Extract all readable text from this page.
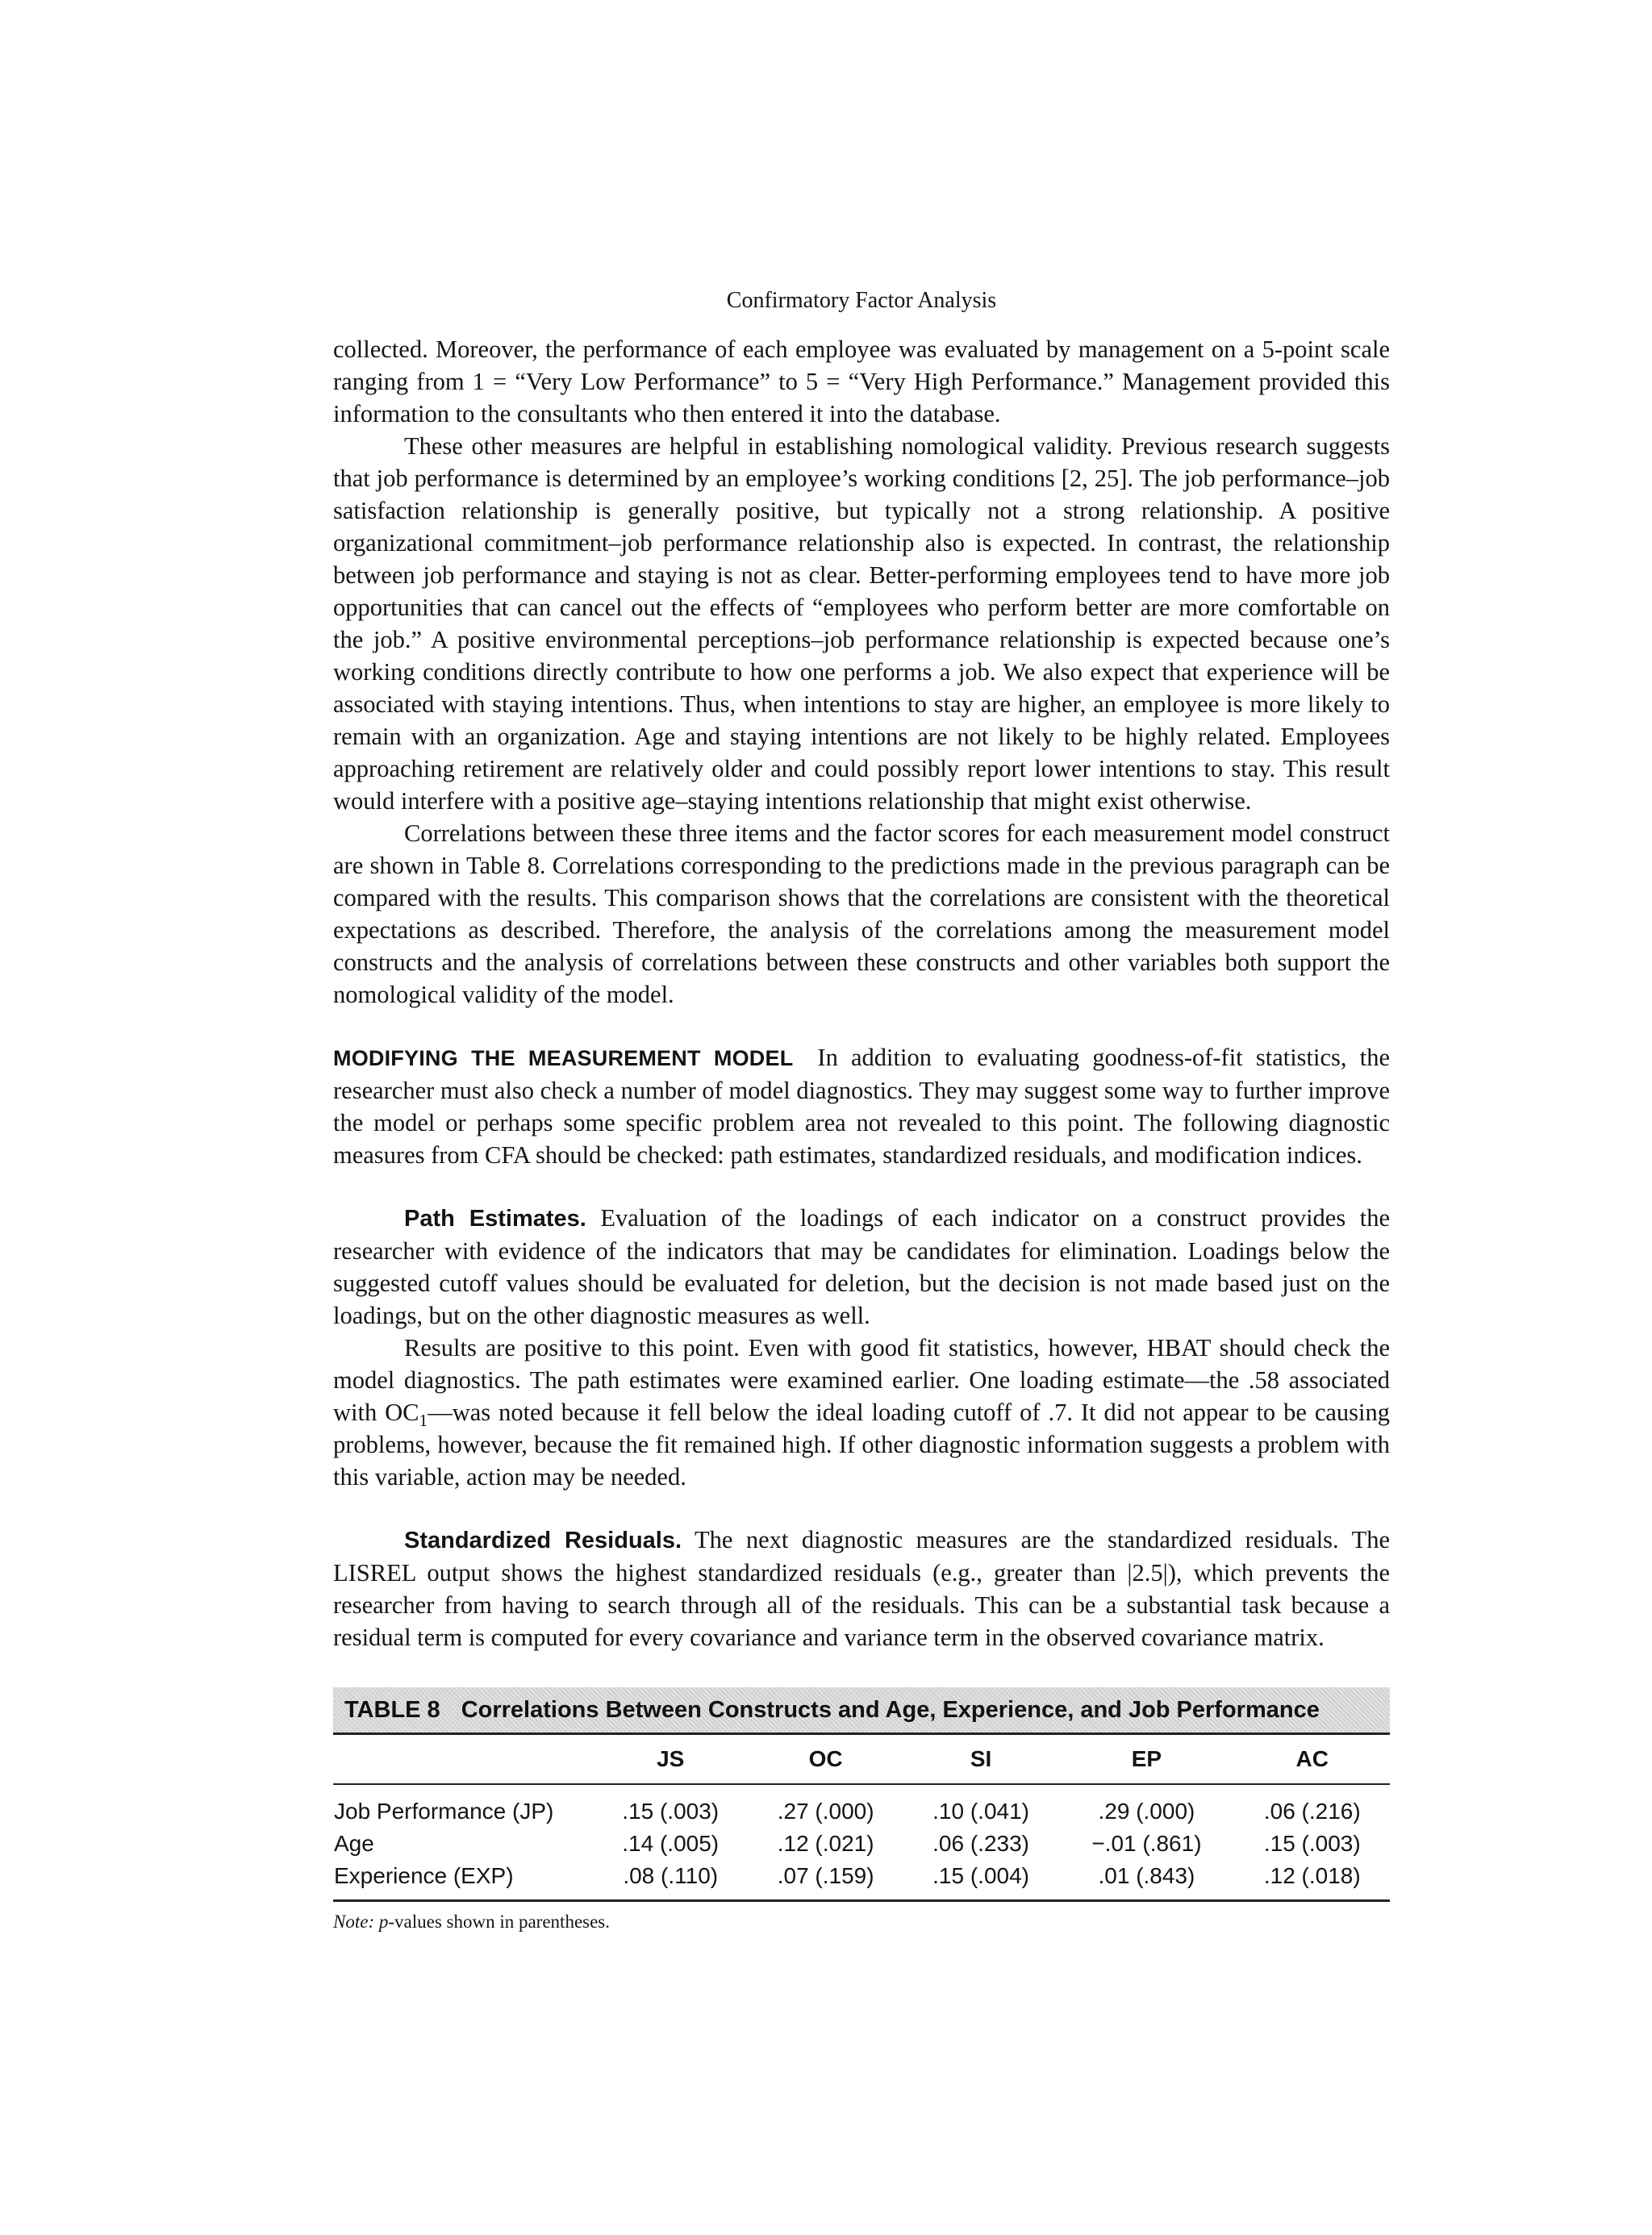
Confirmatory Factor Analysis

collected. Moreover, the performance of each employee was evaluated by management on a 5-point scale ranging from 1 = “Very Low Performance” to 5 = “Very High Performance.” Management provided this information to the consultants who then entered it into the database.

These other measures are helpful in establishing nomological validity. Previous research suggests that job performance is determined by an employee’s working conditions [2, 25]. The job performance–job satisfaction relationship is generally positive, but typically not a strong relationship. A positive organizational commitment–job performance relationship also is expected. In contrast, the relationship between job performance and staying is not as clear. Better-performing employees tend to have more job opportunities that can cancel out the effects of “employees who perform better are more comfortable on the job.” A positive environmental perceptions–job performance relationship is expected because one’s working conditions directly contribute to how one performs a job. We also expect that experience will be associated with staying intentions. Thus, when intentions to stay are higher, an employee is more likely to remain with an organization. Age and staying intentions are not likely to be highly related. Employees approaching retirement are relatively older and could possibly report lower intentions to stay. This result would interfere with a positive age–staying intentions relationship that might exist otherwise.

Correlations between these three items and the factor scores for each measurement model construct are shown in Table 8. Correlations corresponding to the predictions made in the previous paragraph can be compared with the results. This comparison shows that the correlations are consistent with the theoretical expectations as described. Therefore, the analysis of the correlations among the measurement model constructs and the analysis of correlations between these constructs and other variables both support the nomological validity of the model.

MODIFYING THE MEASUREMENT MODEL In addition to evaluating goodness-of-fit statistics, the researcher must also check a number of model diagnostics. They may suggest some way to further improve the model or perhaps some specific problem area not revealed to this point. The following diagnostic measures from CFA should be checked: path estimates, standardized residuals, and modification indices.

Path Estimates. Evaluation of the loadings of each indicator on a construct provides the researcher with evidence of the indicators that may be candidates for elimination. Loadings below the suggested cutoff values should be evaluated for deletion, but the decision is not made based just on the loadings, but on the other diagnostic measures as well.

Results are positive to this point. Even with good fit statistics, however, HBAT should check the model diagnostics. The path estimates were examined earlier. One loading estimate—the .58 associated with $OC_1—was$ noted because it fell below the ideal loading cutoff of .7. It did not appear to be causing problems, however, because the fit remained high. If other diagnostic information suggests a problem with this variable, action may be needed.

Standardized Residuals. The next diagnostic measures are the standardized residuals. The LISREL output shows the highest standardized residuals (e.g., greater than |2.5|), which prevents the researcher from having to search through all of the residuals. This can be a substantial task because a residual term is computed for every covariance and variance term in the observed covariance matrix.

TABLE 8 Correlations Between Constructs and Age, Experience, and Job Performance
	JS	OC	SI	EP	AC
Job Performance (JP)	.15 (.003)	.27 (.000)	.10 (.041)	.29 (.000)	.06 (.216)
Age	.14 (.005)	.12 (.021)	.06 (.233)	−.01 (.861)	.15 (.003)
Experience (EXP)	.08 (.110)	.07 (.159)	.15 (.004)	.01 (.843)	.12 (.018)
Note: p-values shown in parentheses.
